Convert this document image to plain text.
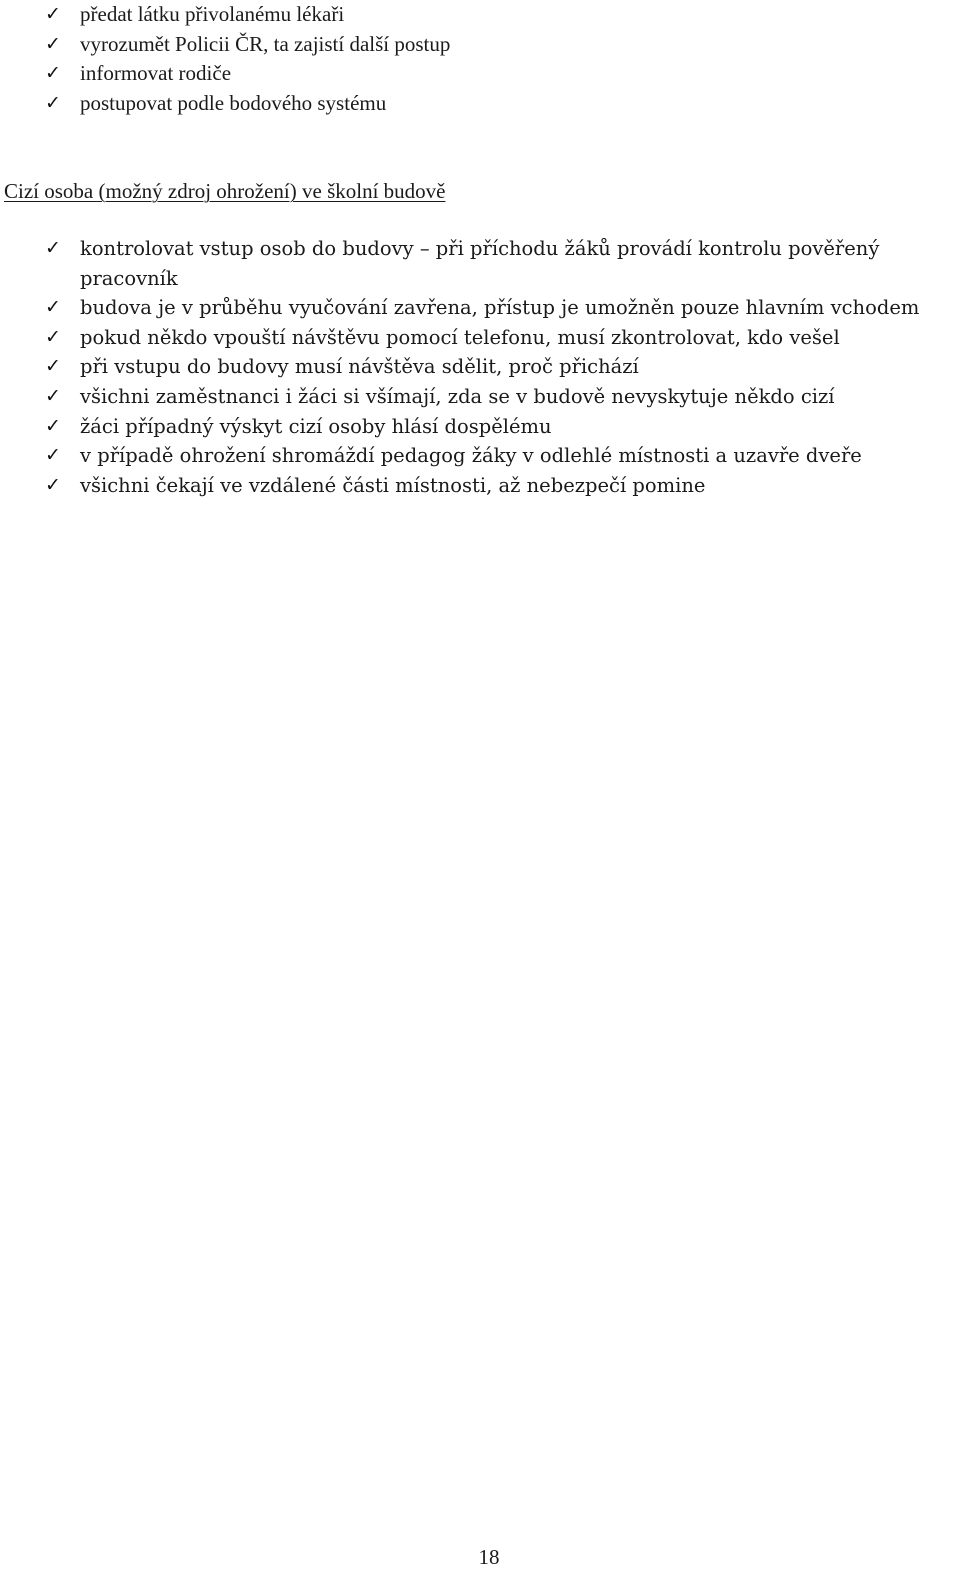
✓ předat látku přivolanému lékaři
✓ vyrozumět Policii ČR, ta zajistí další postup
✓ informovat rodiče
✓ postupovat podle bodového systému
Cizí osoba (možný zdroj ohrožení) ve školní budově
✓ kontrolovat vstup osob do budovy – při příchodu žáků provádí kontrolu pověřený pracovník
✓ budova je v průběhu vyučování zavřena, přístup je umožněn pouze hlavním vchodem
✓ pokud někdo vpouští návštěvu pomocí telefonu, musí zkontrolovat, kdo vešel
✓ při vstupu do budovy musí návštěva sdělit, proč přichází
✓ všichni zaměstnanci i žáci si všímají, zda se v budově nevyskytuje někdo cizí
✓ žáci případný výskyt cizí osoby hlásí dospělému
✓ v případě ohrožení shromáždí pedagog žáky v odlehlé místnosti a uzavře dveře
✓ všichni čekají ve vzdálené části místnosti, až nebezpečí pomine
18
